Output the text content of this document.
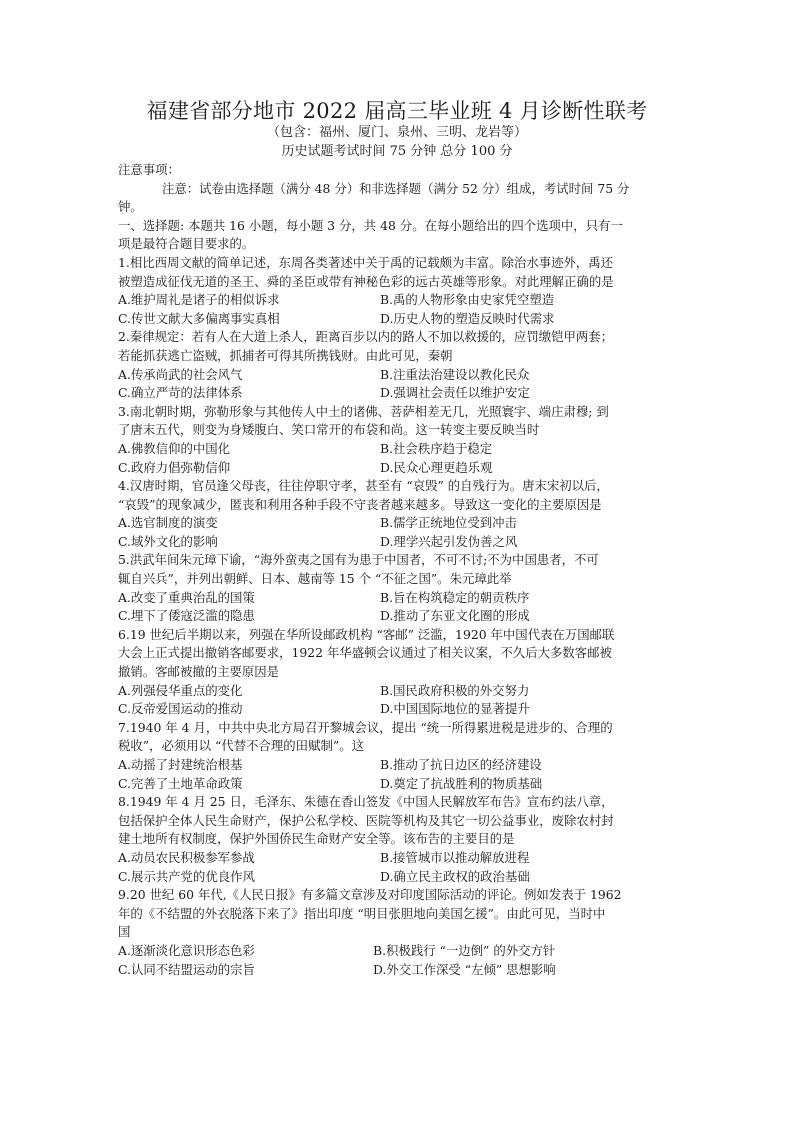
福建省部分地市 2022 届高三毕业班 4 月诊断性联考
（包含：福州、厦门、泉州、三明、龙岩等）
历史试题考试时间 75 分钟 总分 100 分
注意事项：
注意：试卷由选择题（满分 48 分）和非选择题（满分 52 分）组成，考试时间 75 分
钟。
一、选择题: 本题共 16 小题，每小题 3 分，共 48 分。在每小题给出的四个选项中，只有一
项是最符合题目要求的。
1.相比西周文献的简单记述，东周各类著述中关于禹的记载颇为丰富。除治水事迹外，禹还
被塑造成征伐无道的圣王、舜的圣臣或带有神秘色彩的远古英雄等形象。对此理解正确的是
A.维护周礼是诸子的相似诉求	B.禹的人物形象由史家凭空塑造
C.传世文献大多偏离事实真相	D.历史人物的塑造反映时代需求
2.秦律规定：若有人在大道上杀人，距离百步以内的路人不加以救援的，应罚缴铠甲两套；
若能抓获逃亡盗贼，抓捕者可得其所携钱财。由此可见，秦朝
A.传承尚武的社会风气	B.注重法治建设以教化民众
C.确立严苛的法律体系	D.强调社会责任以维护安定
3.南北朝时期，弥勒形象与其他传人中土的诸佛、菩萨相差无几，光照寰宇、端庄肃穆; 到
了唐末五代，则变为身矮腹白、笑口常开的布袋和尚。这一转变主要反映当时
A.佛教信仰的中国化	B.社会秩序趋于稳定
C.政府力倡弥勒信仰	D.民众心理更趋乐观
4.汉唐时期，官员逢父母丧，往往停职守孝，甚至有 “哀毁” 的自残行为。唐末宋初以后，
“哀毁”的现象减少，匿丧和利用各种手段不守丧者越来越多。导致这一变化的主要原因是
A.选官制度的演变	B.儒学正统地位受到冲击
C.域外文化的影响	D.理学兴起引发伪善之风
5.洪武年间朱元璋下谕，“海外蛮夷之国有为患于中国者，不可不讨;不为中国患者，不可
辄自兴兵”，并列出朝鲜、日本、越南等 15 个 “不征之国”。朱元璋此举
A.改变了重典治乱的国策	B.旨在构筑稳定的朝贡秩序
C.埋下了倭寇泛滥的隐患	D.推动了东亚文化圈的形成
6.19 世纪后半期以来，列强在华所设邮政机构 “客邮” 泛滥，1920 年中国代表在万国邮联
大会上正式提出撤销客邮要求，1922 年华盛顿会议通过了相关议案，不久后大多数客邮被
撤销。客邮被撤的主要原因是
A.列强侵华重点的变化	B.国民政府积极的外交努力
C.反帝爱国运动的推动	D.中国国际地位的显著提升
7.1940 年 4 月，中共中央北方局召开黎城会议，提出 “统一所得累进税是进步的、合理的
税收”，必须用以 “代替不合理的田赋制”。这
A.动摇了封建统治根基	B.推动了抗日边区的经济建设
C.完善了土地革命政策	D.奠定了抗战胜利的物质基础
8.1949 年 4 月 25 日，毛泽东、朱德在香山签发《中国人民解放军布告》宣布约法八章，
包括保护全体人民生命财产，保护公私学校、医院等机构及其它一切公益事业，废除农村封
建土地所有权制度，保护外国侨民生命财产安全等。该布告的主要目的是
A.动员农民积极参军参战	B.接管城市以推动解放进程
C.展示共产党的优良作风	D.确立民主政权的政治基础
9.20 世纪 60 年代,《人民日报》有多篇文章涉及对印度国际活动的评论。例如发表于 1962
年的《不结盟的外衣脱落下来了》指出印度 “明目张胆地向美国乞援”。由此可见，当时中
国
A.逐渐淡化意识形态色彩	B.积极践行 “一边倒” 的外交方针
C.认同不结盟运动的宗旨	D.外交工作深受 “左倾” 思想影响
